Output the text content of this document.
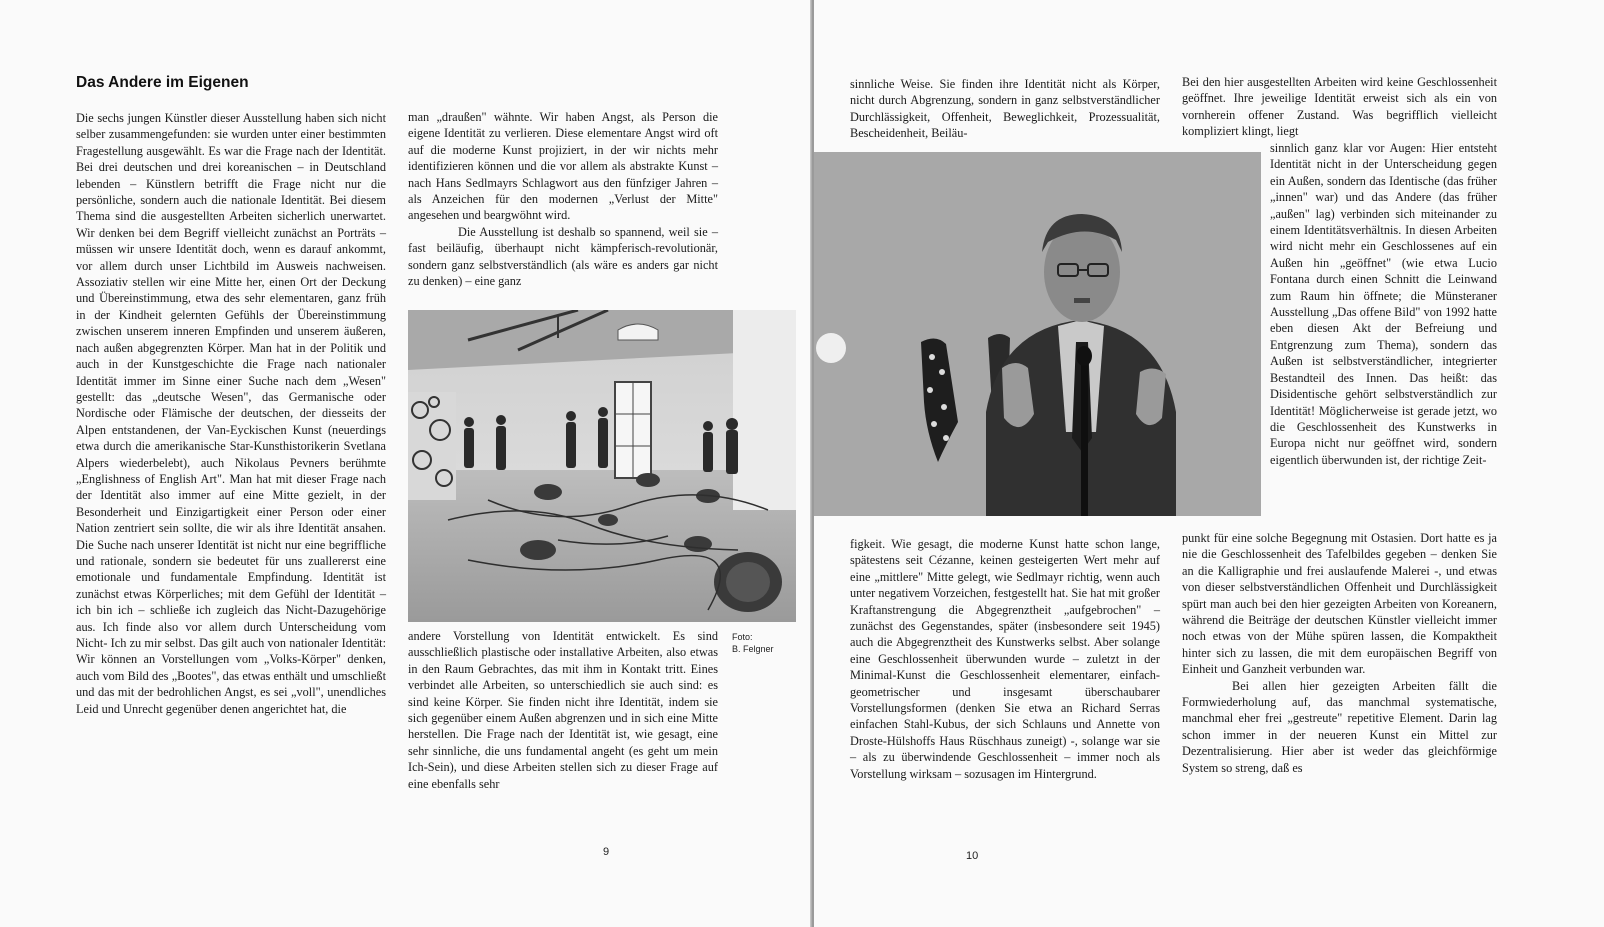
Das Andere im Eigenen

Die sechs jungen Künstler dieser Ausstellung haben sich nicht selber zusammengefunden: sie wurden unter einer bestimmten Fragestellung ausgewählt. Es war die Frage nach der Identität. Bei drei deutschen und drei koreanischen – in Deutschland lebenden – Künstlern betrifft die Frage nicht nur die persönliche, sondern auch die nationale Identität. Bei diesem Thema sind die ausgestellten Arbeiten sicherlich unerwartet. Wir denken bei dem Begriff vielleicht zunächst an Porträts – müssen wir unsere Identität doch, wenn es darauf ankommt, vor allem durch unser Lichtbild im Ausweis nachweisen. Assoziativ stellen wir eine Mitte her, einen Ort der Deckung und Übereinstimmung, etwa des sehr elementaren, ganz früh in der Kindheit gelernten Gefühls der Übereinstimmung zwischen unserem inneren Empfinden und unserem äußeren, nach außen abgegrenzten Körper. Man hat in der Politik und auch in der Kunstgeschichte die Frage nach nationaler Identität immer im Sinne einer Suche nach dem „Wesen" gestellt: das „deutsche Wesen", das Germanische oder Nordische oder Flämische der deutschen, der diesseits der Alpen entstandenen, der Van-Eyckischen Kunst (neuerdings etwa durch die amerikanische Star-Kunsthistorikerin Svetlana Alpers wiederbelebt), auch Nikolaus Pevners berühmte „Englishness of English Art". Man hat mit dieser Frage nach der Identität also immer auf eine Mitte gezielt, in der Besonderheit und Einzigartigkeit einer Person oder einer Nation zentriert sein sollte, die wir als ihre Identität ansahen. Die Suche nach unserer Identität ist nicht nur eine begriffliche und rationale, sondern sie bedeutet für uns zuallererst eine emotionale und fundamentale Empfindung. Identität ist zunächst etwas Körperliches; mit dem Gefühl der Identität – ich bin ich – schließe ich zugleich das Nicht-Dazugehörige aus. Ich finde also vor allem durch Unterscheidung vom Nicht- Ich zu mir selbst. Das gilt auch von nationaler Identität: Wir können an Vorstellungen vom „Volks-Körper" denken, auch vom Bild des „Bootes", das etwas enthält und umschließt und das mit der bedrohlichen Angst, es sei „voll", unendliches Leid und Unrecht gegenüber denen angerichtet hat, die

man „draußen" wähnte. Wir haben Angst, als Person die eigene Identität zu verlieren. Diese elementare Angst wird oft auf die moderne Kunst projiziert, in der wir nichts mehr identifizieren können und die vor allem als abstrakte Kunst – nach Hans Sedlmayrs Schlagwort aus den fünfziger Jahren – als Anzeichen für den modernen „Verlust der Mitte" angesehen und beargwöhnt wird.

Die Ausstellung ist deshalb so spannend, weil sie – fast beiläufig, überhaupt nicht kämpferisch-revolutionär, sondern ganz selbstverständlich (als wäre es anders gar nicht zu denken) – eine ganz

Foto:
B. Felgner

andere Vorstellung von Identität entwickelt. Es sind ausschließlich plastische oder installative Arbeiten, also etwas in den Raum Gebrachtes, das mit ihm in Kontakt tritt. Eines verbindet alle Arbeiten, so unterschiedlich sie auch sind: es sind keine Körper. Sie finden nicht ihre Identität, indem sie sich gegenüber einem Außen abgrenzen und in sich eine Mitte herstellen. Die Frage nach der Identität ist, wie gesagt, eine sehr sinnliche, die uns fundamental angeht (es geht um mein Ich-Sein), und diese Arbeiten stellen sich zu dieser Frage auf eine ebenfalls sehr

9

sinnliche Weise. Sie finden ihre Identität nicht als Körper, nicht durch Abgrenzung, sondern in ganz selbstverständlicher Durchlässigkeit, Offenheit, Beweglichkeit, Prozessualität, Bescheidenheit, Beiläu-

Bei den hier ausgestellten Arbeiten wird keine Geschlossenheit geöffnet. Ihre jeweilige Identität erweist sich als ein von vornherein offener Zustand. Was begrifflich vielleicht kompliziert klingt, liegt

sinnlich ganz klar vor Augen: Hier entsteht Identität nicht in der Unterscheidung gegen ein Außen, sondern das Identische (das früher „innen" war) und das Andere (das früher „außen" lag) verbinden sich miteinander zu einem Identitätsverhältnis. In diesen Arbeiten wird nicht mehr ein Geschlossenes auf ein Außen hin „geöffnet" (wie etwa Lucio Fontana durch einen Schnitt die Leinwand zum Raum hin öffnete; die Münsteraner Ausstellung „Das offene Bild" von 1992 hatte eben diesen Akt der Befreiung und Entgrenzung zum Thema), sondern das Außen ist selbstverständlicher, integrierter Bestandteil des Innen. Das heißt: das Disidentische gehört selbstverständlich zur Identität! Möglicherweise ist gerade jetzt, wo die Geschlossenheit des Kunstwerks in Europa nicht nur geöffnet wird, sondern eigentlich überwunden ist, der richtige Zeit-

figkeit. Wie gesagt, die moderne Kunst hatte schon lange, spätestens seit Cézanne, keinen gesteigerten Wert mehr auf eine „mittlere" Mitte gelegt, wie Sedlmayr richtig, wenn auch unter negativem Vorzeichen, festgestellt hat. Sie hat mit großer Kraftanstrengung die Abgegrenztheit „aufgebrochen" – zunächst des Gegenstandes, später (insbesondere seit 1945) auch die Abgegrenztheit des Kunstwerks selbst. Aber solange eine Geschlossenheit überwunden wurde – zuletzt in der Minimal-Kunst die Geschlossenheit elementarer, einfach-geometrischer und insgesamt überschaubarer Vorstellungsformen (denken Sie etwa an Richard Serras einfachen Stahl-Kubus, der sich Schlauns und Annette von Droste-Hülshoffs Haus Rüschhaus zuneigt) -, solange war sie – als zu überwindende Geschlossenheit – immer noch als Vorstellung wirksam – sozusagen im Hintergrund.

punkt für eine solche Begegnung mit Ostasien. Dort hatte es ja nie die Geschlossenheit des Tafelbildes gegeben – denken Sie an die Kalligraphie und frei auslaufende Malerei -, und etwas von dieser selbstverständlichen Offenheit und Durchlässigkeit spürt man auch bei den hier gezeigten Arbeiten von Koreanern, während die Beiträge der deutschen Künstler vielleicht immer noch etwas von der Mühe spüren lassen, die Kompaktheit hinter sich zu lassen, die mit dem europäischen Begriff von Einheit und Ganzheit verbunden war.

Bei allen hier gezeigten Arbeiten fällt die Formwiederholung auf, das manchmal systematische, manchmal eher frei „gestreute" repetitive Element. Darin lag schon immer in der neueren Kunst ein Mittel zur Dezentralisierung. Hier aber ist weder das gleichförmige System so streng, daß es

10
